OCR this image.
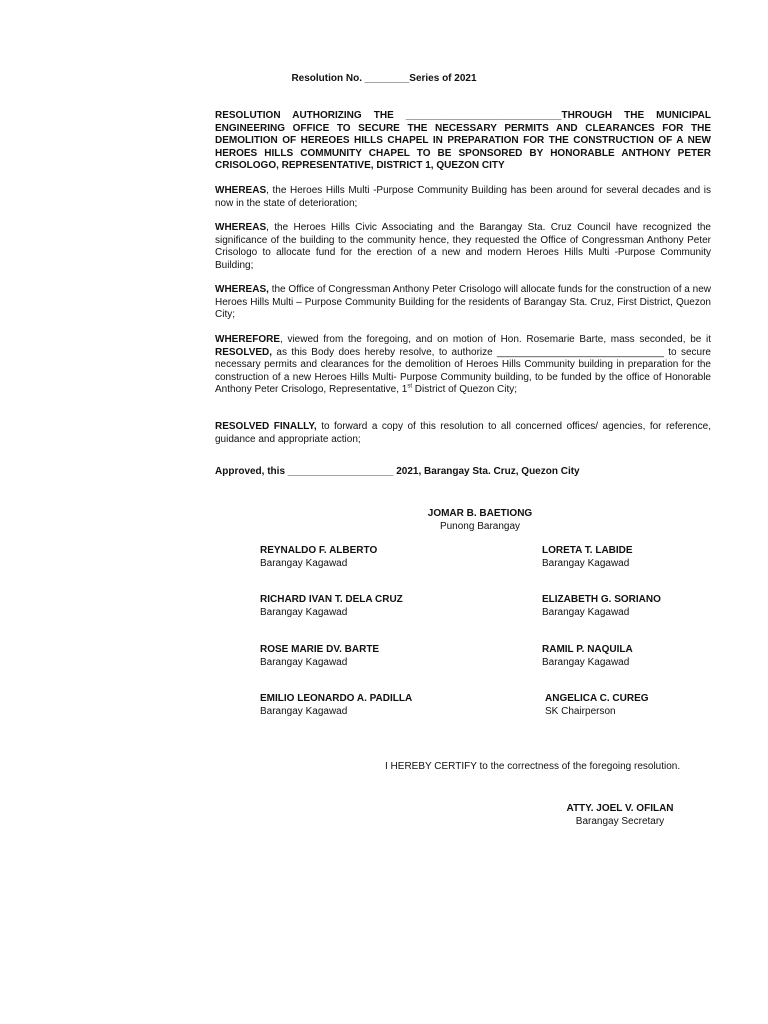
Resolution No. ________Series of 2021

RESOLUTION AUTHORIZING THE ____________________________THROUGH THE MUNICIPAL ENGINEERING OFFICE TO SECURE THE NECESSARY PERMITS AND CLEARANCES FOR THE DEMOLITION OF HEREOES HILLS CHAPEL IN PREPARATION FOR THE CONSTRUCTION OF A NEW HEROES HILLS COMMUNITY CHAPEL TO BE SPONSORED BY HONORABLE ANTHONY PETER CRISOLOGO, REPRESENTATIVE, DISTRICT 1, QUEZON CITY

WHEREAS, the Heroes Hills Multi -Purpose Community Building has been around for several decades and is now in the state of deterioration;

WHEREAS, the Heroes Hills Civic Associating and the Barangay Sta. Cruz Council have recognized the significance of the building to the community hence, they requested the Office of Congressman Anthony Peter Crisologo to allocate fund for the erection of a new and modern Heroes Hills Multi -Purpose Community Building;

WHEREAS, the Office of Congressman Anthony Peter Crisologo will allocate funds for the construction of a new Heroes Hills Multi – Purpose Community Building for the residents of Barangay Sta. Cruz, First District, Quezon City;

WHEREFORE, viewed from the foregoing, and on motion of Hon. Rosemarie Barte, mass seconded, be it RESOLVED, as this Body does hereby resolve, to authorize ______________________________ to secure necessary permits and clearances for the demolition of Heroes Hills Community building in preparation for the construction of a new Heroes Hills Multi- Purpose Community building, to be funded by the office of Honorable Anthony Peter Crisologo, Representative, 1st District of Quezon City;

RESOLVED FINALLY, to forward a copy of this resolution to all concerned offices/ agencies, for reference, guidance and appropriate action;

Approved, this ___________________ 2021, Barangay Sta. Cruz, Quezon City
JOMAR B. BAETIONG
Punong Barangay
REYNALDO F. ALBERTO
Barangay Kagawad
LORETA T. LABIDE
Barangay Kagawad
RICHARD IVAN T. DELA CRUZ
Barangay Kagawad
ELIZABETH G. SORIANO
Barangay Kagawad
ROSE MARIE DV. BARTE
Barangay Kagawad
RAMIL P. NAQUILA
Barangay Kagawad
EMILIO LEONARDO A. PADILLA
Barangay Kagawad
ANGELICA C. CUREG
SK Chairperson
I HEREBY CERTIFY to the correctness of the foregoing resolution.
ATTY. JOEL V. OFILAN
Barangay Secretary
